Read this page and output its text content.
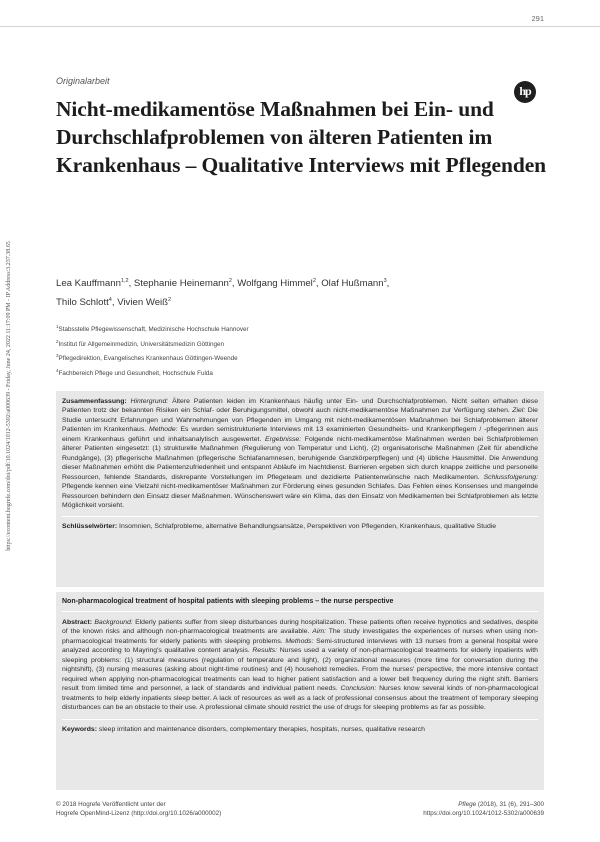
291
https://econtent.hogrefe.com/doi/pdf/10.1024/1012-5302/a000639 - Friday, June 24, 2022 11:17:09 PM - IP Address:3.237.38.65
hp
Originalarbeit
Nicht-medikamentöse Maßnahmen bei Ein- und Durchschlafproblemen von älteren Patienten im Krankenhaus – Qualitative Interviews mit Pflegenden
Lea Kauffmann$^{1,2}$, Stephanie Heinemann$^2$, Wolfgang Himmel$^2$, Olaf Hußmann$^3$,
Thilo Schlott$^4$, Vivien Weiß$^2$
$^1$Stabsstelle Pflegewissenschaft, Medizinische Hochschule Hannover
$^2$Institut für Allgemeinmedizin, Universitätsmedizin Göttingen
$^3$Pflegedirektion, Evangelisches Krankenhaus Göttingen-Weende
$^4$Fachbereich Pflege und Gesundheit, Hochschule Fulda
Zusammenfassung: Hintergrund: Ältere Patienten leiden im Krankenhaus häufig unter Ein- und Durchschlafproblemen. Nicht selten erhalten diese Patienten trotz der bekannten Risiken ein Schlaf- oder Beruhigungsmittel, obwohl auch nicht-medikamentöse Maßnahmen zur Verfügung stehen. Ziel: Die Studie untersucht Erfahrungen und Wahrnehmungen von Pflegenden im Umgang mit nicht-medikamentösen Maßnahmen bei Schlafproblemen älterer Patienten im Krankenhaus. Methode: Es wurden semistrukturierte Interviews mit 13 examinierten Gesundheits- und Krankenpflegern / -pflegerinnen aus einem Krankenhaus geführt und inhaltsanalytisch ausgewertet. Ergebnisse: Folgende nicht-medikamentöse Maßnahmen werden bei Schlafproblemen älterer Patienten eingesetzt: (1) strukturelle Maßnahmen (Regulierung von Temperatur und Licht), (2) organisatorische Maßnahmen (Zeit für abendliche Rundgänge), (3) pflegerische Maßnahmen (pflegerische Schlafanamnesen, beruhigende Ganzkörperpflegen) und (4) übliche Hausmittel. Die Anwendung dieser Maßnahmen erhöht die Patientenzufriedenheit und entspannt Abläufe im Nachtdienst. Barrieren ergeben sich durch knappe zeitliche und personelle Ressourcen, fehlende Standards, diskrepante Vorstellungen im Pflegeteam und dezidierte Patientenwünsche nach Medikamenten. Schlussfolgerung: Pflegende kennen eine Vielzahl nicht-medikamentöser Maßnahmen zur Förderung eines gesunden Schlafes. Das Fehlen eines Konsenses und mangelnde Ressourcen behindern den Einsatz dieser Maßnahmen. Wünschenswert wäre ein Klima, das den Einsatz von Medikamenten bei Schlafproblemen als letzte Möglichkeit vorsieht.
Schlüsselwörter: Insomnien, Schlafprobleme, alternative Behandlungsansätze, Perspektiven von Pflegenden, Krankenhaus, qualitative Studie
Non-pharmacological treatment of hospital patients with sleeping problems – the nurse perspective
Abstract: Background: Elderly patients suffer from sleep disturbances during hospitalization. These patients often receive hypnotics and sedatives, despite of the known risks and although non-pharmacological treatments are available. Aim: The study investigates the experiences of nurses when using non-pharmacological treatments for elderly patients with sleeping problems. Methods: Semi-structured interviews with 13 nurses from a general hospital were analyzed according to Mayring's qualitative content analysis. Results: Nurses used a variety of non-pharmacological treatments for elderly inpatients with sleeping problems: (1) structural measures (regulation of temperature and light), (2) organizational measures (more time for conversation during the nightshift), (3) nursing measures (asking about night-time routines) and (4) household remedies. From the nurses' perspective, the more intensive contact required when applying non-pharmacological treatments can lead to higher patient satisfaction and a lower bell frequency during the night shift. Barriers result from limited time and personnel, a lack of standards and individual patient needs. Conclusion: Nurses know several kinds of non-pharmacological treatments to help elderly inpatients sleep better. A lack of resources as well as a lack of professional consensus about the treatment of temporary sleeping disturbances can be an obstacle to their use. A professional climate should restrict the use of drugs for sleeping problems as far as possible.
Keywords: sleep irritation and maintenance disorders, complementary therapies, hospitals, nurses, qualitative research
© 2018 Hogrefe Veröffentlicht unter der
Hogrefe OpenMind-Lizenz (http://doi.org/10.1026/a000002)
Pflege (2018), 31 (6), 291–300
https://doi.org/10.1024/1012-5302/a000639
